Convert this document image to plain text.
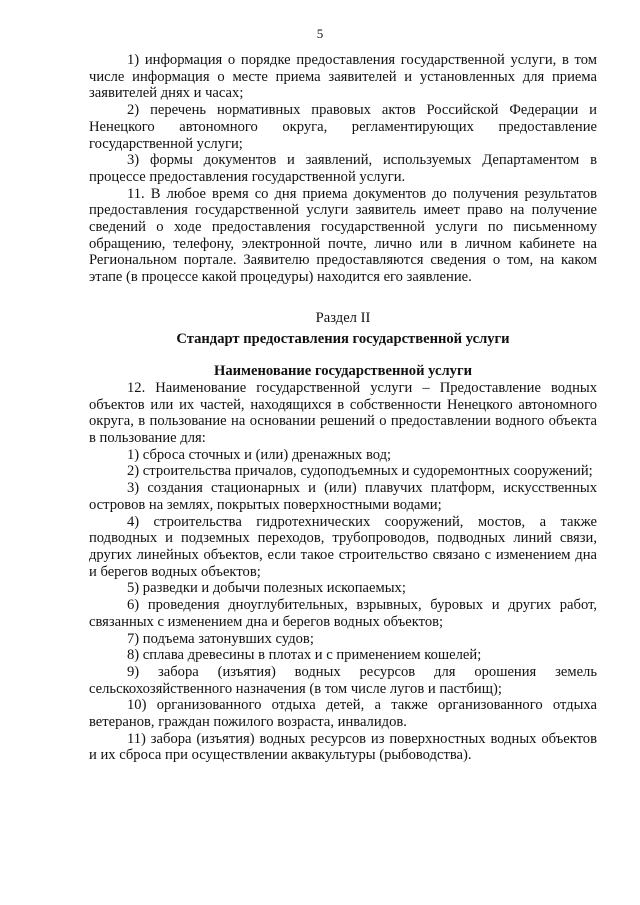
5

1) информация о порядке предоставления государственной услуги, в том числе информация о месте приема заявителей и установленных для приема заявителей днях и часах;

2) перечень нормативных правовых актов Российской Федерации и Ненецкого автономного округа, регламентирующих предоставление государственной услуги;

3) формы документов и заявлений, используемых Департаментом в процессе предоставления государственной услуги.

11. В любое время со дня приема документов до получения результатов предоставления государственной услуги заявитель имеет право на получение сведений о ходе предоставления государственной услуги по письменному обращению, телефону, электронной почте, лично или в личном кабинете на Региональном портале. Заявителю предоставляются сведения о том, на каком этапе (в процессе какой процедуры) находится его заявление.

Раздел II

Стандарт предоставления государственной услуги

Наименование государственной услуги

12. Наименование государственной услуги – Предоставление водных объектов или их частей, находящихся в собственности Ненецкого автономного округа, в пользование на основании решений о предоставлении водного объекта в пользование для:

1) сброса сточных и (или) дренажных вод;

2) строительства причалов, судоподъемных и судоремонтных сооружений;

3) создания стационарных и (или) плавучих платформ, искусственных островов на землях, покрытых поверхностными водами;

4) строительства гидротехнических сооружений, мостов, а также подводных и подземных переходов, трубопроводов, подводных линий связи, других линейных объектов, если такое строительство связано с изменением дна и берегов водных объектов;

5) разведки и добычи полезных ископаемых;

6) проведения дноуглубительных, взрывных, буровых и других работ, связанных с изменением дна и берегов водных объектов;

7) подъема затонувших судов;

8) сплава древесины в плотах и с применением кошелей;

9) забора (изъятия) водных ресурсов для орошения земель сельскохозяйственного назначения (в том числе лугов и пастбищ);

10) организованного отдыха детей, а также организованного отдыха ветеранов, граждан пожилого возраста, инвалидов.

11) забора (изъятия) водных ресурсов из поверхностных водных объектов и их сброса при осуществлении аквакультуры (рыбоводства).
